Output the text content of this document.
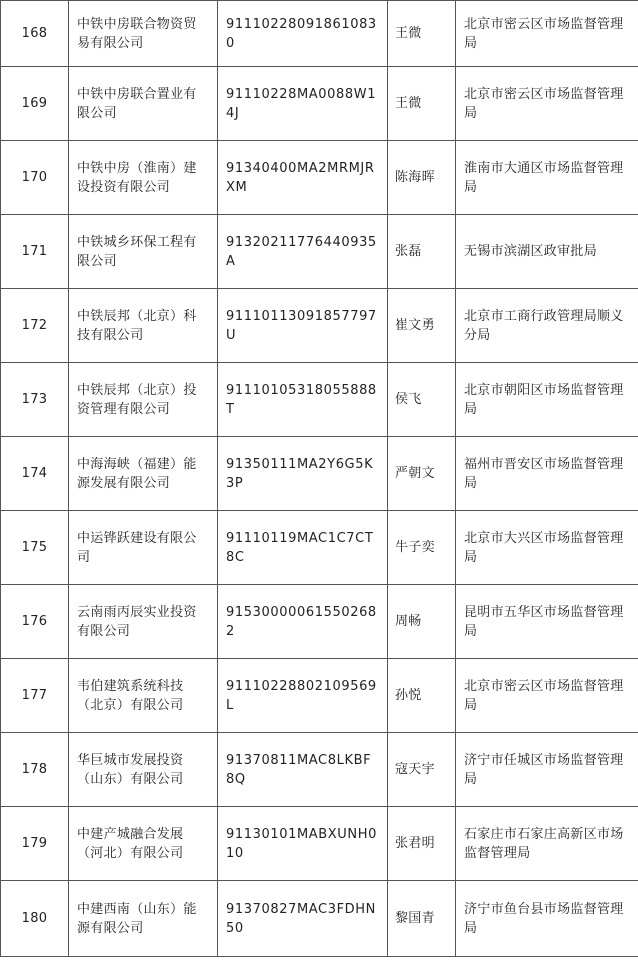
168	中铁中房联合物资贸易有限公司	911102280918610830	王微	北京市密云区市场监督管理局
169	中铁中房联合置业有限公司	91110228MA0088W14J	王微	北京市密云区市场监督管理局
170	中铁中房（淮南）建设投资有限公司	91340400MA2MRMJRXM	陈海晖	淮南市大通区市场监督管理局
171	中铁城乡环保工程有限公司	91320211776440935A	张磊	无锡市滨湖区政审批局
172	中铁辰邦（北京）科技有限公司	91110113091857797U	崔文勇	北京市工商行政管理局顺义分局
173	中铁辰邦（北京）投资管理有限公司	91110105318055888T	侯飞	北京市朝阳区市场监督管理局
174	中海海峡（福建）能源发展有限公司	91350111MA2Y6G5K3P	严朝文	福州市晋安区市场监督管理局
175	中运铧跃建设有限公司	91110119MAC1C7CT8C	牛子奕	北京市大兴区市场监督管理局
176	云南雨丙辰实业投资有限公司	915300000615502682	周畅	昆明市五华区市场监督管理局
177	韦伯建筑系统科技（北京）有限公司	91110228802109569L	孙悦	北京市密云区市场监督管理局
178	华巨城市发展投资（山东）有限公司	91370811MAC8LKBF8Q	寇天宇	济宁市任城区市场监督管理局
179	中建产城融合发展（河北）有限公司	91130101MABXUNH010	张君明	石家庄市石家庄高新区市场监督管理局
180	中建西南（山东）能源有限公司	91370827MAC3FDHN50	黎国青	济宁市鱼台县市场监督管理局
